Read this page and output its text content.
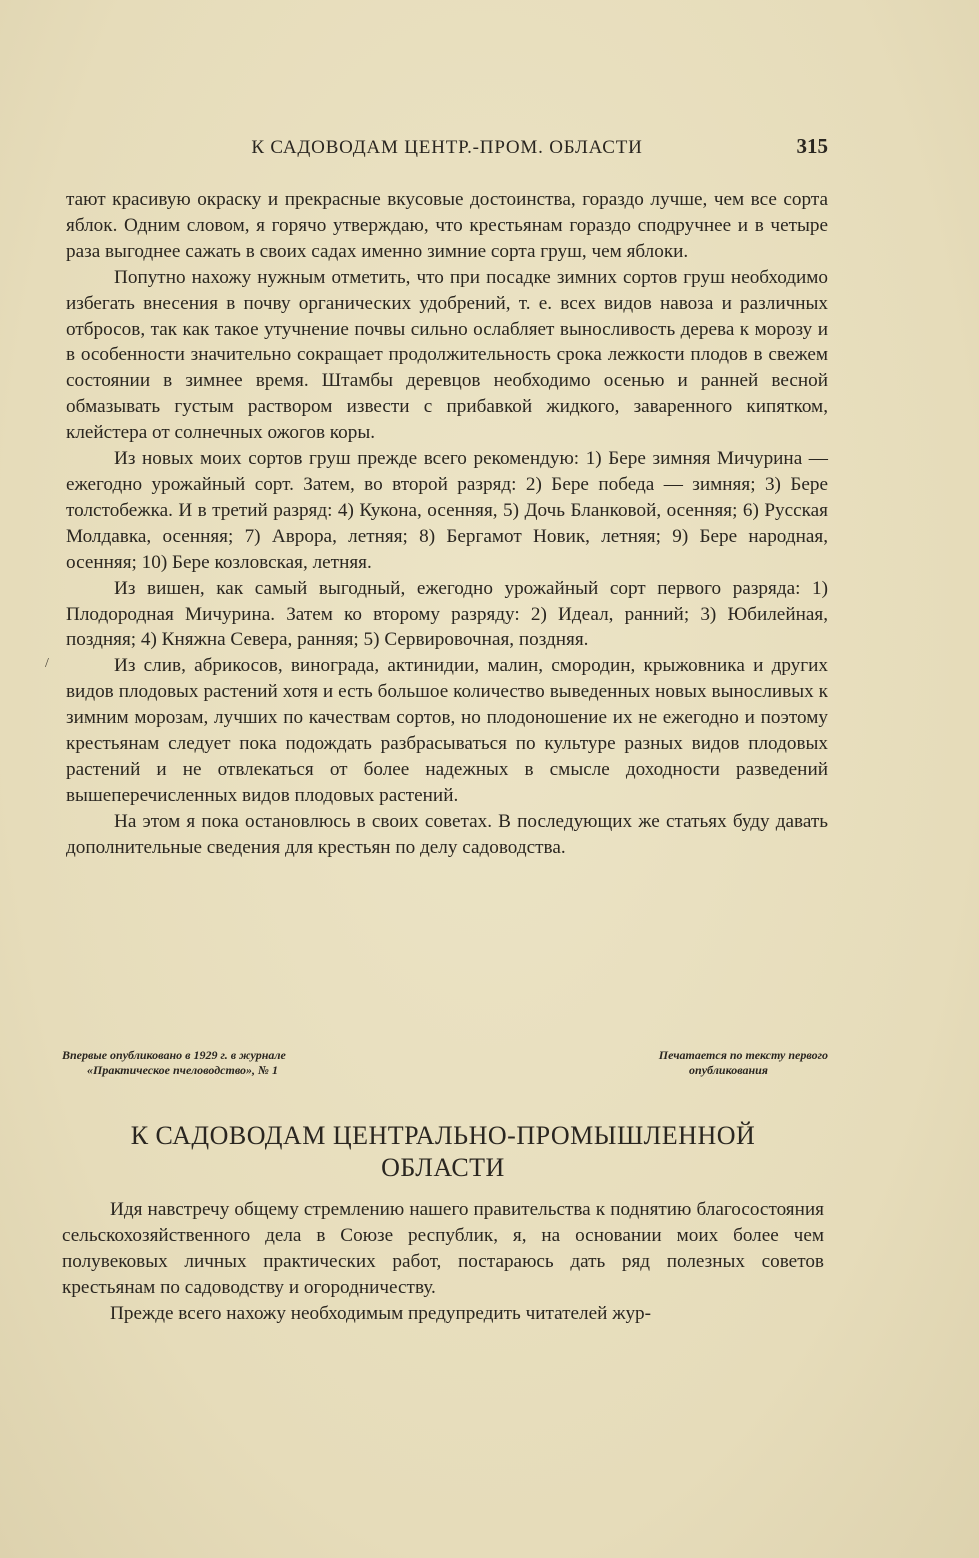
К САДОВОДАМ ЦЕНТР.-ПРОМ. ОБЛАСТИ	315

тают красивую окраску и прекрасные вкусовые достоинства, гораздо лучше, чем все сорта яблок. Одним словом, я горячо утверждаю, что крестьянам гораздо сподручнее и в четыре раза выгоднее сажать в своих садах именно зимние сорта груш, чем яблоки.

Попутно нахожу нужным отметить, что при посадке зимних сортов груш необходимо избегать внесения в почву органических удобрений, т. е. всех видов навоза и различных отбросов, так как такое утучнение почвы сильно ослабляет выносливость дерева к морозу и в особенности значительно сокращает продолжительность срока лежкости плодов в свежем состоянии в зимнее время. Штамбы деревцов необходимо осенью и ранней весной обмазывать густым раствором извести с прибавкой жидкого, заваренного кипятком, клейстера от солнечных ожогов коры.

Из новых моих сортов груш прежде всего рекомендую: 1) Бере зимняя Мичурина — ежегодно урожайный сорт. Затем, во второй разряд: 2) Бере победа — зимняя; 3) Бере толстобежка. И в третий разряд: 4) Кукона, осенняя, 5) Дочь Бланковой, осенняя; 6) Русская Молдавка, осенняя; 7) Аврора, летняя; 8) Бергамот Новик, летняя; 9) Бере народная, осенняя; 10) Бере козловская, летняя.

Из вишен, как самый выгодный, ежегодно урожайный сорт первого разряда: 1) Плодородная Мичурина. Затем ко второму разряду: 2) Идеал, ранний; 3) Юбилейная, поздняя; 4) Княжна Севера, ранняя; 5) Сервировочная, поздняя.

Из слив, абрикосов, винограда, актинидии, малин, смородин, крыжовника и других видов плодовых растений хотя и есть большое количество выведенных новых выносливых к зимним морозам, лучших по качествам сортов, но плодоношение их не ежегодно и поэтому крестьянам следует пока подождать разбрасываться по культуре разных видов плодовых растений и не отвлекаться от более надежных в смысле доходности разведений вышеперечисленных видов плодовых растений.

На этом я пока остановлюсь в своих советах. В последующих же статьях буду давать дополнительные сведения для крестьян по делу садоводства.

/
Впервые опубликовано в 1929 г. в журнале
«Практическое пчеловодство», № 1
Печатается по тексту первого
опубликования
К САДОВОДАМ ЦЕНТРАЛЬНО-ПРОМЫШЛЕННОЙ
ОБЛАСТИ

Идя навстречу общему стремлению нашего правительства к поднятию благосостояния сельскохозяйственного дела в Союзе республик, я, на основании моих более чем полувековых личных практических работ, постараюсь дать ряд полезных советов крестьянам по садоводству и огородничеству.

Прежде всего нахожу необходимым предупредить читателей жур-
